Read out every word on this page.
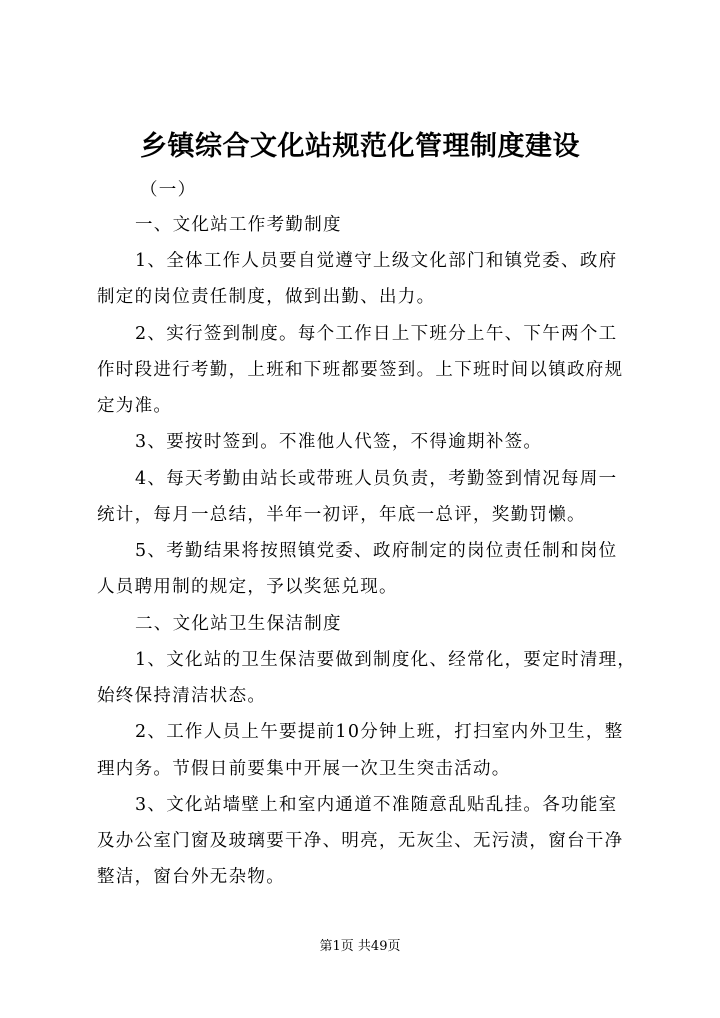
乡镇综合文化站规范化管理制度建设
（一）
一、文化站工作考勤制度
1、全体工作人员要自觉遵守上级文化部门和镇党委、政府
制定的岗位责任制度，做到出勤、出力。
2、实行签到制度。每个工作日上下班分上午、下午两个工
作时段进行考勤，上班和下班都要签到。上下班时间以镇政府规
定为准。
3、要按时签到。不准他人代签，不得逾期补签。
4、每天考勤由站长或带班人员负责，考勤签到情况每周一
统计，每月一总结，半年一初评，年底一总评，奖勤罚懒。
5、考勤结果将按照镇党委、政府制定的岗位责任制和岗位
人员聘用制的规定，予以奖惩兑现。
二、文化站卫生保洁制度
1、文化站的卫生保洁要做到制度化、经常化，要定时清理，
始终保持清洁状态。
2、工作人员上午要提前10分钟上班，打扫室内外卫生，整
理内务。节假日前要集中开展一次卫生突击活动。
3、文化站墙壁上和室内通道不准随意乱贴乱挂。各功能室
及办公室门窗及玻璃要干净、明亮，无灰尘、无污渍，窗台干净
整洁，窗台外无杂物。
第1页 共49页
